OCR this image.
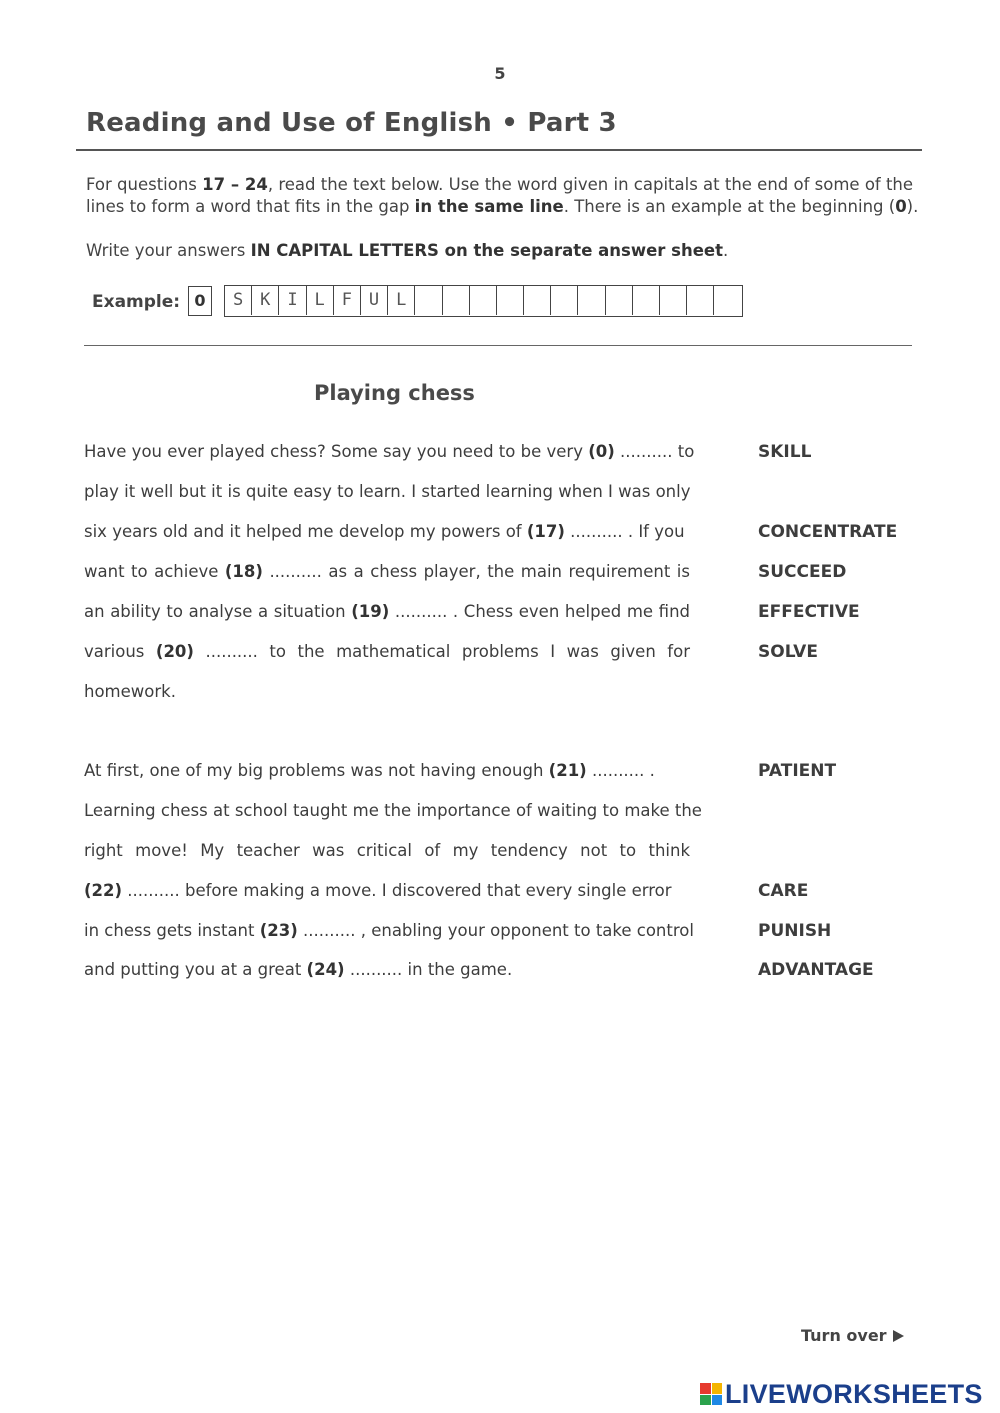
5
Reading and Use of English • Part 3
For questions 17 – 24, read the text below. Use the word given in capitals at the end of some of the
lines to form a word that fits in the gap in the same line. There is an example at the beginning (0).
Write your answers IN CAPITAL LETTERS on the separate answer sheet.
Example: 0	S K I L F U L
Playing chess
Have you ever played chess? Some say you need to be very (0) .......... to	SKILL
play it well but it is quite easy to learn. I started learning when I was only
six years old and it helped me develop my powers of (17) .......... . If you	CONCENTRATE
want to achieve (18) .......... as a chess player, the main requirement is	SUCCEED
an ability to analyse a situation (19) .......... . Chess even helped me find	EFFECTIVE
various (20) .......... to the mathematical problems I was given for	SOLVE
homework.
At first, one of my big problems was not having enough (21) .......... .	PATIENT
Learning chess at school taught me the importance of waiting to make the
right move! My teacher was critical of my tendency not to think
(22) .......... before making a move. I discovered that every single error	CARE
in chess gets instant (23) .......... , enabling your opponent to take control	PUNISH
and putting you at a great (24) .......... in the game.	ADVANTAGE
Turn over
LIVEWORKSHEETS
